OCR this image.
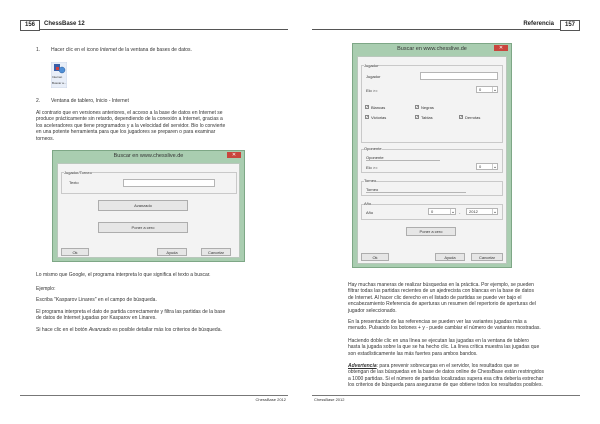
156	ChessBase 12
1. Hacer clic en el icono Internet de la ventana de bases de datos.
Internet
Buscar a...
2. Ventana de tablero, Inicio - Internet
Al contrario que en versiones anteriores, el acceso a la base de datos en Internet se
produce prácticamente sin retardo, dependiendo de la conexión a Internet, gracias a
los aceleradores que tiene programados y a la velocidad del servidor. Bio lo convierte
en una potente herramienta para que los jugadores se preparen o para examinar
torneos.
Buscar en www.chesslive.de	✕
Jugador/Torneo
Texto
Avanzado
Poner a cero
Ok	Ayuda	Cancelar
Lo mismo que Google, el programa interpreta lo que significa el texto a buscar.
Ejemplo:
Escriba "Kasparov Linares" en el campo de búsqueda.
El programa interpreta el dato de partida correctamente y filtra las partidas de la base
de datos de Internet jugadas por Kasparov en Linares.
Si hace clic en el botón Avanzado es posible detallar más los criterios de búsqueda.
ChessBase 2012
Referencia	157
Buscar en www.chesslive.de	✕
Jugador
Jugador
Elo >=	0	▴
✓ Blancas	✓ Negras
✓ Victorias	✓ Tablas	✓ Derrotas
Oponente
Oponente
Elo >=	0	▴
Torneo
Torneo
Año
Año	0	▴	-	2012	▴
Poner a cero
Ok	Ayuda	Cancelar
Hay muchas maneras de realizar búsquedas en la práctica. Por ejemplo, se pueden
filtrar todas las partidas recientes de un ajedrecista con blancas en la base de datos
de Internet. Al hacer clic derecho en el listado de partidas se puede ver bajo el
encabezamiento Referencia de aperturas un resumen del repertorio de aperturas del
jugador seleccionado.
En la presentación de las referencias se pueden ver las variantes jugadas más a
menudo. Pulsando los botones + y - puede cambiar el número de variantes mostradas.
Haciendo doble clic en una línea se ejecutan las jugadas en la ventana de tablero
hasta la jugada sobre la que se ha hecho clic. La línea crítica muestra las jugadas que
son estadísticamente las más fuertes para ambos bandos.
Advertencia: para prevenir sobrecargas en el servidor, los resultados que se
obtengan de las búsquedas en la base de datos online de ChessBase están restringidos
a 1000 partidas. Si el número de partidas localizadas supera esa cifra debería estrechar
los criterios de búsqueda para asegurarse de que obtiene todos los resultados posibles.
ChessBase 2012
